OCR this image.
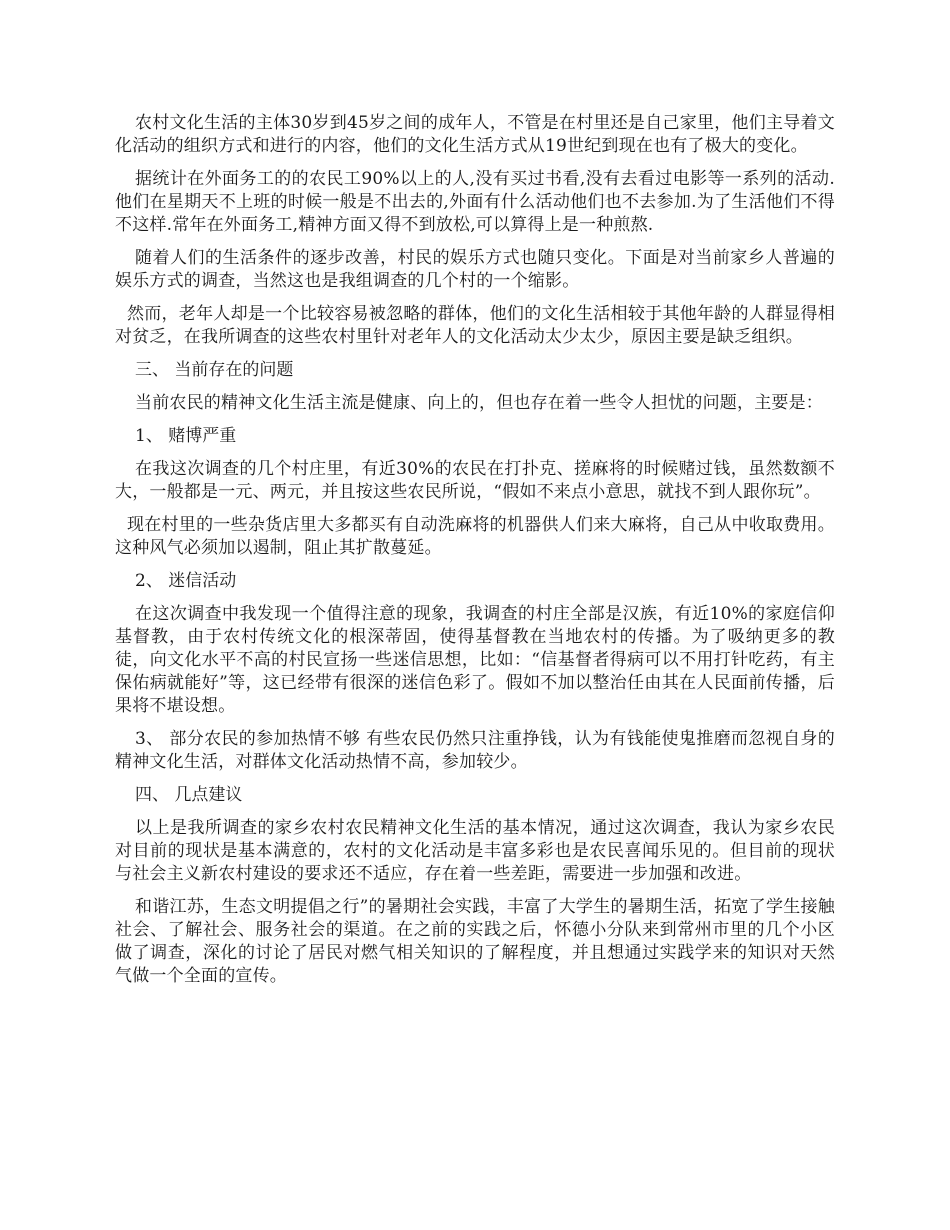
农村文化生活的主体30岁到45岁之间的成年人，不管是在村里还是自己家里，他们主导着文化活动的组织方式和进行的内容，他们的文化生活方式从19世纪到现在也有了极大的变化。

据统计在外面务工的的农民工90%以上的人,没有买过书看,没有去看过电影等一系列的活动.他们在星期天不上班的时候一般是不出去的,外面有什么活动他们也不去参加.为了生活他们不得不这样.常年在外面务工,精神方面又得不到放松,可以算得上是一种煎熬.

随着人们的生活条件的逐步改善，村民的娱乐方式也随只变化。下面是对当前家乡人普遍的娱乐方式的调查，当然这也是我组调查的几个村的一个缩影。

然而，老年人却是一个比较容易被忽略的群体，他们的文化生活相较于其他年龄的人群显得相对贫乏，在我所调查的这些农村里针对老年人的文化活动太少太少，原因主要是缺乏组织。

三、 当前存在的问题

当前农民的精神文化生活主流是健康、向上的，但也存在着一些令人担忧的问题，主要是：

1、 赌博严重

在我这次调查的几个村庄里，有近30%的农民在打扑克、搓麻将的时候赌过钱，虽然数额不大，一般都是一元、两元，并且按这些农民所说，“假如不来点小意思，就找不到人跟你玩”。

现在村里的一些杂货店里大多都买有自动洗麻将的机器供人们来大麻将，自己从中收取费用。这种风气必须加以遏制，阻止其扩散蔓延。

2、 迷信活动

在这次调查中我发现一个值得注意的现象，我调查的村庄全部是汉族，有近10%的家庭信仰基督教，由于农村传统文化的根深蒂固，使得基督教在当地农村的传播。为了吸纳更多的教徒，向文化水平不高的村民宣扬一些迷信思想，比如：“信基督者得病可以不用打针吃药，有主保佑病就能好”等，这已经带有很深的迷信色彩了。假如不加以整治任由其在人民面前传播，后果将不堪设想。

3、 部分农民的参加热情不够 有些农民仍然只注重挣钱，认为有钱能使鬼推磨而忽视自身的精神文化生活，对群体文化活动热情不高，参加较少。

四、 几点建议

以上是我所调查的家乡农村农民精神文化生活的基本情况，通过这次调查，我认为家乡农民对目前的现状是基本满意的，农村的文化活动是丰富多彩也是农民喜闻乐见的。但目前的现状与社会主义新农村建设的要求还不适应，存在着一些差距，需要进一步加强和改进。

和谐江苏，生态文明提倡之行”的暑期社会实践，丰富了大学生的暑期生活，拓宽了学生接触社会、了解社会、服务社会的渠道。在之前的实践之后，怀德小分队来到常州市里的几个小区做了调查，深化的讨论了居民对燃气相关知识的了解程度，并且想通过实践学来的知识对天然气做一个全面的宣传。
